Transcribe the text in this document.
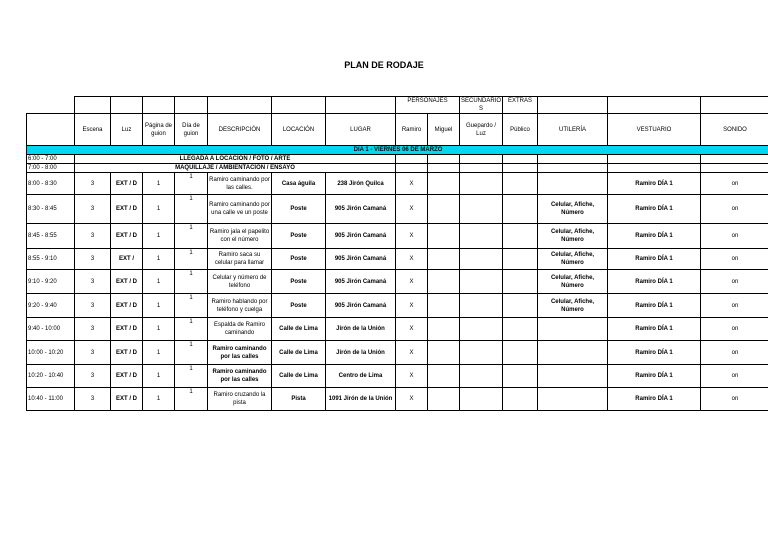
PLAN DE RODAJE
								PERSONAJES		SECUNDARIOS	EXTRAS			
	Escena	Luz	Página de guion	Día de guion	DESCRIPCIÓN	LOCACIÓN	LUGAR	Ramiro	Miguel	Guepardo / Luz	Público	UTILERÍA	VESTUARIO	SONIDO
DIA 1 - VIERNES 06 DE MARZO														
6:00 - 7:00	LLEGADA A LOCACION / FOTO / ARTE													
7:00 - 8:00	MAQUILLAJE / AMBIENTACIÓN / ENSAYO													
8:00 - 8:30	3	EXT / D	1	1	Ramiro caminando por las calles.	Casa águila	238 Jirón Quilca	X					Ramiro DÍA 1	on
8:30 - 8:45	3	EXT / D	1	1	Ramiro caminando por una calle ve un poste	Poste	905 Jirón Camaná	X				Celular, Afiche, Número	Ramiro DÍA 1	on
8:45 - 8:55	3	EXT / D	1	1	Ramiro jala el papelito con el número	Poste	905 Jirón Camaná	X				Celular, Afiche, Número	Ramiro DÍA 1	on
8:55 - 9:10	3	EXT /	1	1	Ramiro saca su celular para llamar	Poste	905 Jirón Camaná	X				Celular, Afiche, Número	Ramiro DÍA 1	on
9:10 - 9:20	3	EXT / D	1	1	Celular y número de teléfono	Poste	905 Jirón Camaná	X				Celular, Afiche, Número	Ramiro DÍA 1	on
9:20 - 9:40	3	EXT / D	1	1	Ramiro hablando por teléfono y cuelga	Poste	905 Jirón Camaná	X				Celular, Afiche, Número	Ramiro DÍA 1	on
9:40 - 10:00	3	EXT / D	1	1	Espalda de Ramiro caminando	Calle de Lima	Jirón de la Unión	X					Ramiro DÍA 1	on
10:00 - 10:20	3	EXT / D	1	1	Ramiro caminando por las calles	Calle de Lima	Jirón de la Unión	X					Ramiro DÍA 1	on
10:20 - 10:40	3	EXT / D	1	1	Ramiro caminando por las calles	Calle de Lima	Centro de Lima	X					Ramiro DÍA 1	on
10:40 - 11:00	3	EXT / D	1	1	Ramiro cruzando la pista	Pista	1091 Jirón de la Unión	X					Ramiro DÍA 1	on
